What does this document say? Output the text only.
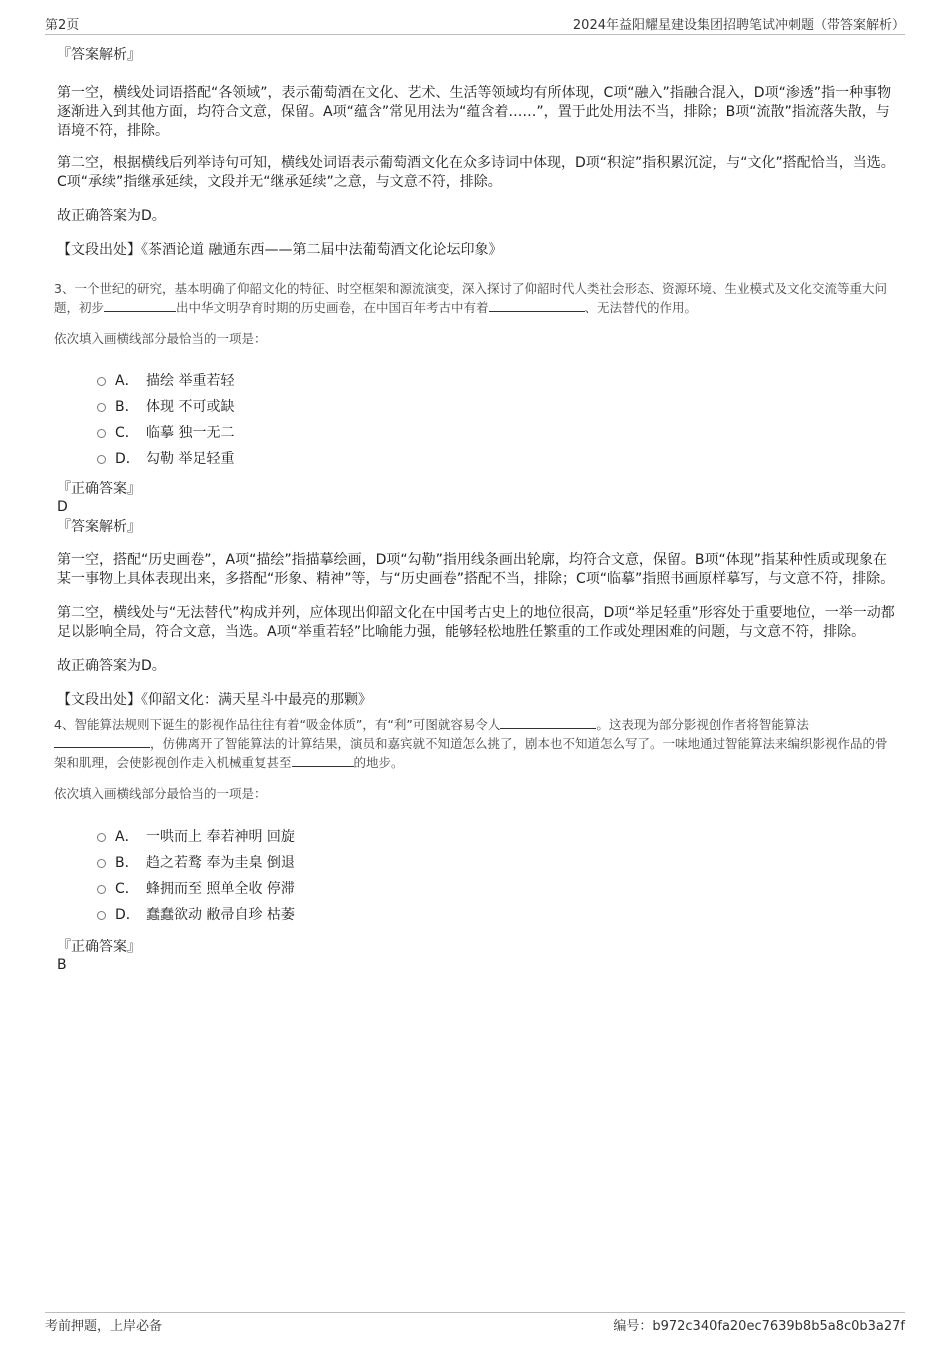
第2页	2024年益阳耀星建设集团招聘笔试冲刺题（带答案解析）
『答案解析』

第一空，横线处词语搭配“各领域”，表示葡萄酒在文化、艺术、生活等领域均有所体现，C项“融入”指融合混入，D项“渗透”指一种事物逐渐进入到其他方面，均符合文意，保留。A项“蕴含”常见用法为“蕴含着……”，置于此处用法不当，排除；B项“流散”指流落失散，与语境不符，排除。

第二空，根据横线后列举诗句可知，横线处词语表示葡萄酒文化在众多诗词中体现，D项“积淀”指积累沉淀，与“文化”搭配恰当，当选。C项“承续”指继承延续，文段并无“继承延续”之意，与文意不符，排除。

故正确答案为D。

【文段出处】《茶酒论道 融通东西——第二届中法葡萄酒文化论坛印象》

3、一个世纪的研究，基本明确了仰韶文化的特征、时空框架和源流演变，深入探讨了仰韶时代人类社会形态、资源环境、生业模式及文化交流等重大问题，初步	出中华文明孕育时期的历史画卷，在中国百年考古中有着	、无法替代的作用。

依次填入画横线部分最恰当的一项是：

A． 描绘 举重若轻
B． 体现 不可或缺
C． 临摹 独一无二
D． 勾勒 举足轻重
『正确答案』
D
『答案解析』

第一空，搭配“历史画卷”，A项“描绘”指描摹绘画，D项“勾勒”指用线条画出轮廓，均符合文意，保留。B项“体现”指某种性质或现象在某一事物上具体表现出来，多搭配“形象、精神”等，与“历史画卷”搭配不当，排除；C项“临摹”指照书画原样摹写，与文意不符，排除。

第二空，横线处与“无法替代”构成并列，应体现出仰韶文化在中国考古史上的地位很高，D项“举足轻重”形容处于重要地位，一举一动都足以影响全局，符合文意，当选。A项“举重若轻”比喻能力强，能够轻松地胜任繁重的工作或处理困难的问题，与文意不符，排除。

故正确答案为D。

【文段出处】《仰韶文化：满天星斗中最亮的那颗》

4、智能算法规则下诞生的影视作品往往有着“吸金体质”，有“利”可图就容易令人	。这表现为部分影视创作者将智能算法，仿佛离开了智能算法的计算结果，演员和嘉宾就不知道怎么挑了，剧本也不知道怎么写了。一味地通过智能算法来编织影视作品的骨架和肌理，会使影视创作走入机械重复甚至	的地步。

依次填入画横线部分最恰当的一项是：

A． 一哄而上 奉若神明 回旋
B． 趋之若鹜 奉为圭臬 倒退
C． 蜂拥而至 照单全收 停滞
D． 蠢蠢欲动 敝帚自珍 枯萎
『正确答案』
B
考前押题，上岸必备	编号：b972c340fa20ec7639b8b5a8c0b3a27f
